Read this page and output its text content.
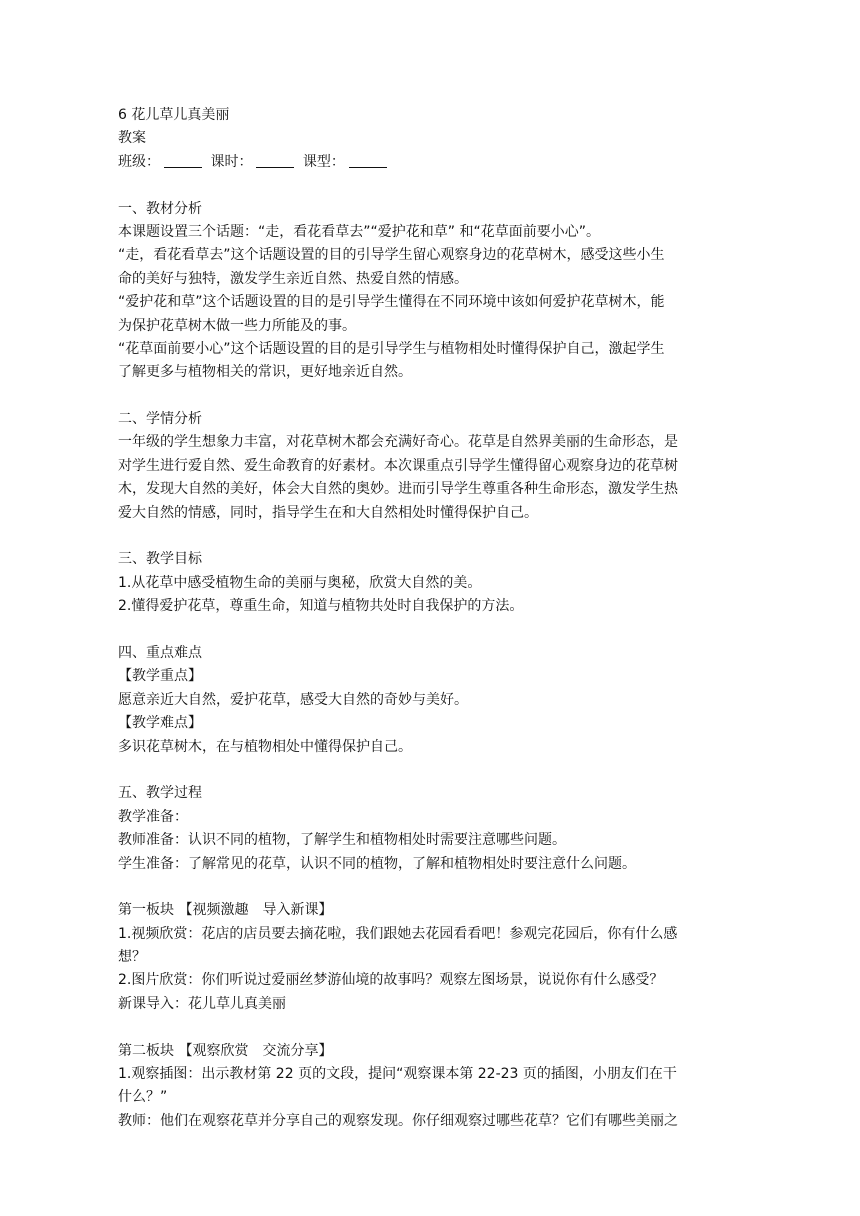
6 花儿草儿真美丽
教案
班级：	课时：	课型：
一、教材分析
本课题设置三个话题：“走，看花看草去”“爱护花和草” 和“花草面前要小心”。
“走，看花看草去”这个话题设置的目的引导学生留心观察身边的花草树木，感受这些小生
命的美好与独特，激发学生亲近自然、热爱自然的情感。
“爱护花和草”这个话题设置的目的是引导学生懂得在不同环境中该如何爱护花草树木，能
为保护花草树木做一些力所能及的事。
“花草面前要小心”这个话题设置的目的是引导学生与植物相处时懂得保护自己，激起学生
了解更多与植物相关的常识，更好地亲近自然。
二、学情分析
一年级的学生想象力丰富，对花草树木都会充满好奇心。花草是自然界美丽的生命形态，是
对学生进行爱自然、爱生命教育的好素材。本次课重点引导学生懂得留心观察身边的花草树
木，发现大自然的美好，体会大自然的奥妙。进而引导学生尊重各种生命形态，激发学生热
爱大自然的情感，同时，指导学生在和大自然相处时懂得保护自己。
三、教学目标
1.从花草中感受植物生命的美丽与奥秘，欣赏大自然的美。
2.懂得爱护花草，尊重生命，知道与植物共处时自我保护的方法。
四、重点难点
【教学重点】
愿意亲近大自然，爱护花草，感受大自然的奇妙与美好。
【教学难点】
多识花草树木，在与植物相处中懂得保护自己。
五、教学过程
教学准备：
教师准备：认识不同的植物，了解学生和植物相处时需要注意哪些问题。
学生准备：了解常见的花草，认识不同的植物，了解和植物相处时要注意什么问题。
第一板块 【视频激趣　导入新课】
1.视频欣赏：花店的店员要去摘花啦，我们跟她去花园看看吧！参观完花园后，你有什么感
想？
2.图片欣赏：你们听说过爱丽丝梦游仙境的故事吗？观察左图场景，说说你有什么感受？
新课导入：花儿草儿真美丽
第二板块 【观察欣赏　交流分享】
1.观察插图：出示教材第 22 页的文段，提问“观察课本第 22-23 页的插图，小朋友们在干
什么？”
教师：他们在观察花草并分享自己的观察发现。你仔细观察过哪些花草？它们有哪些美丽之
